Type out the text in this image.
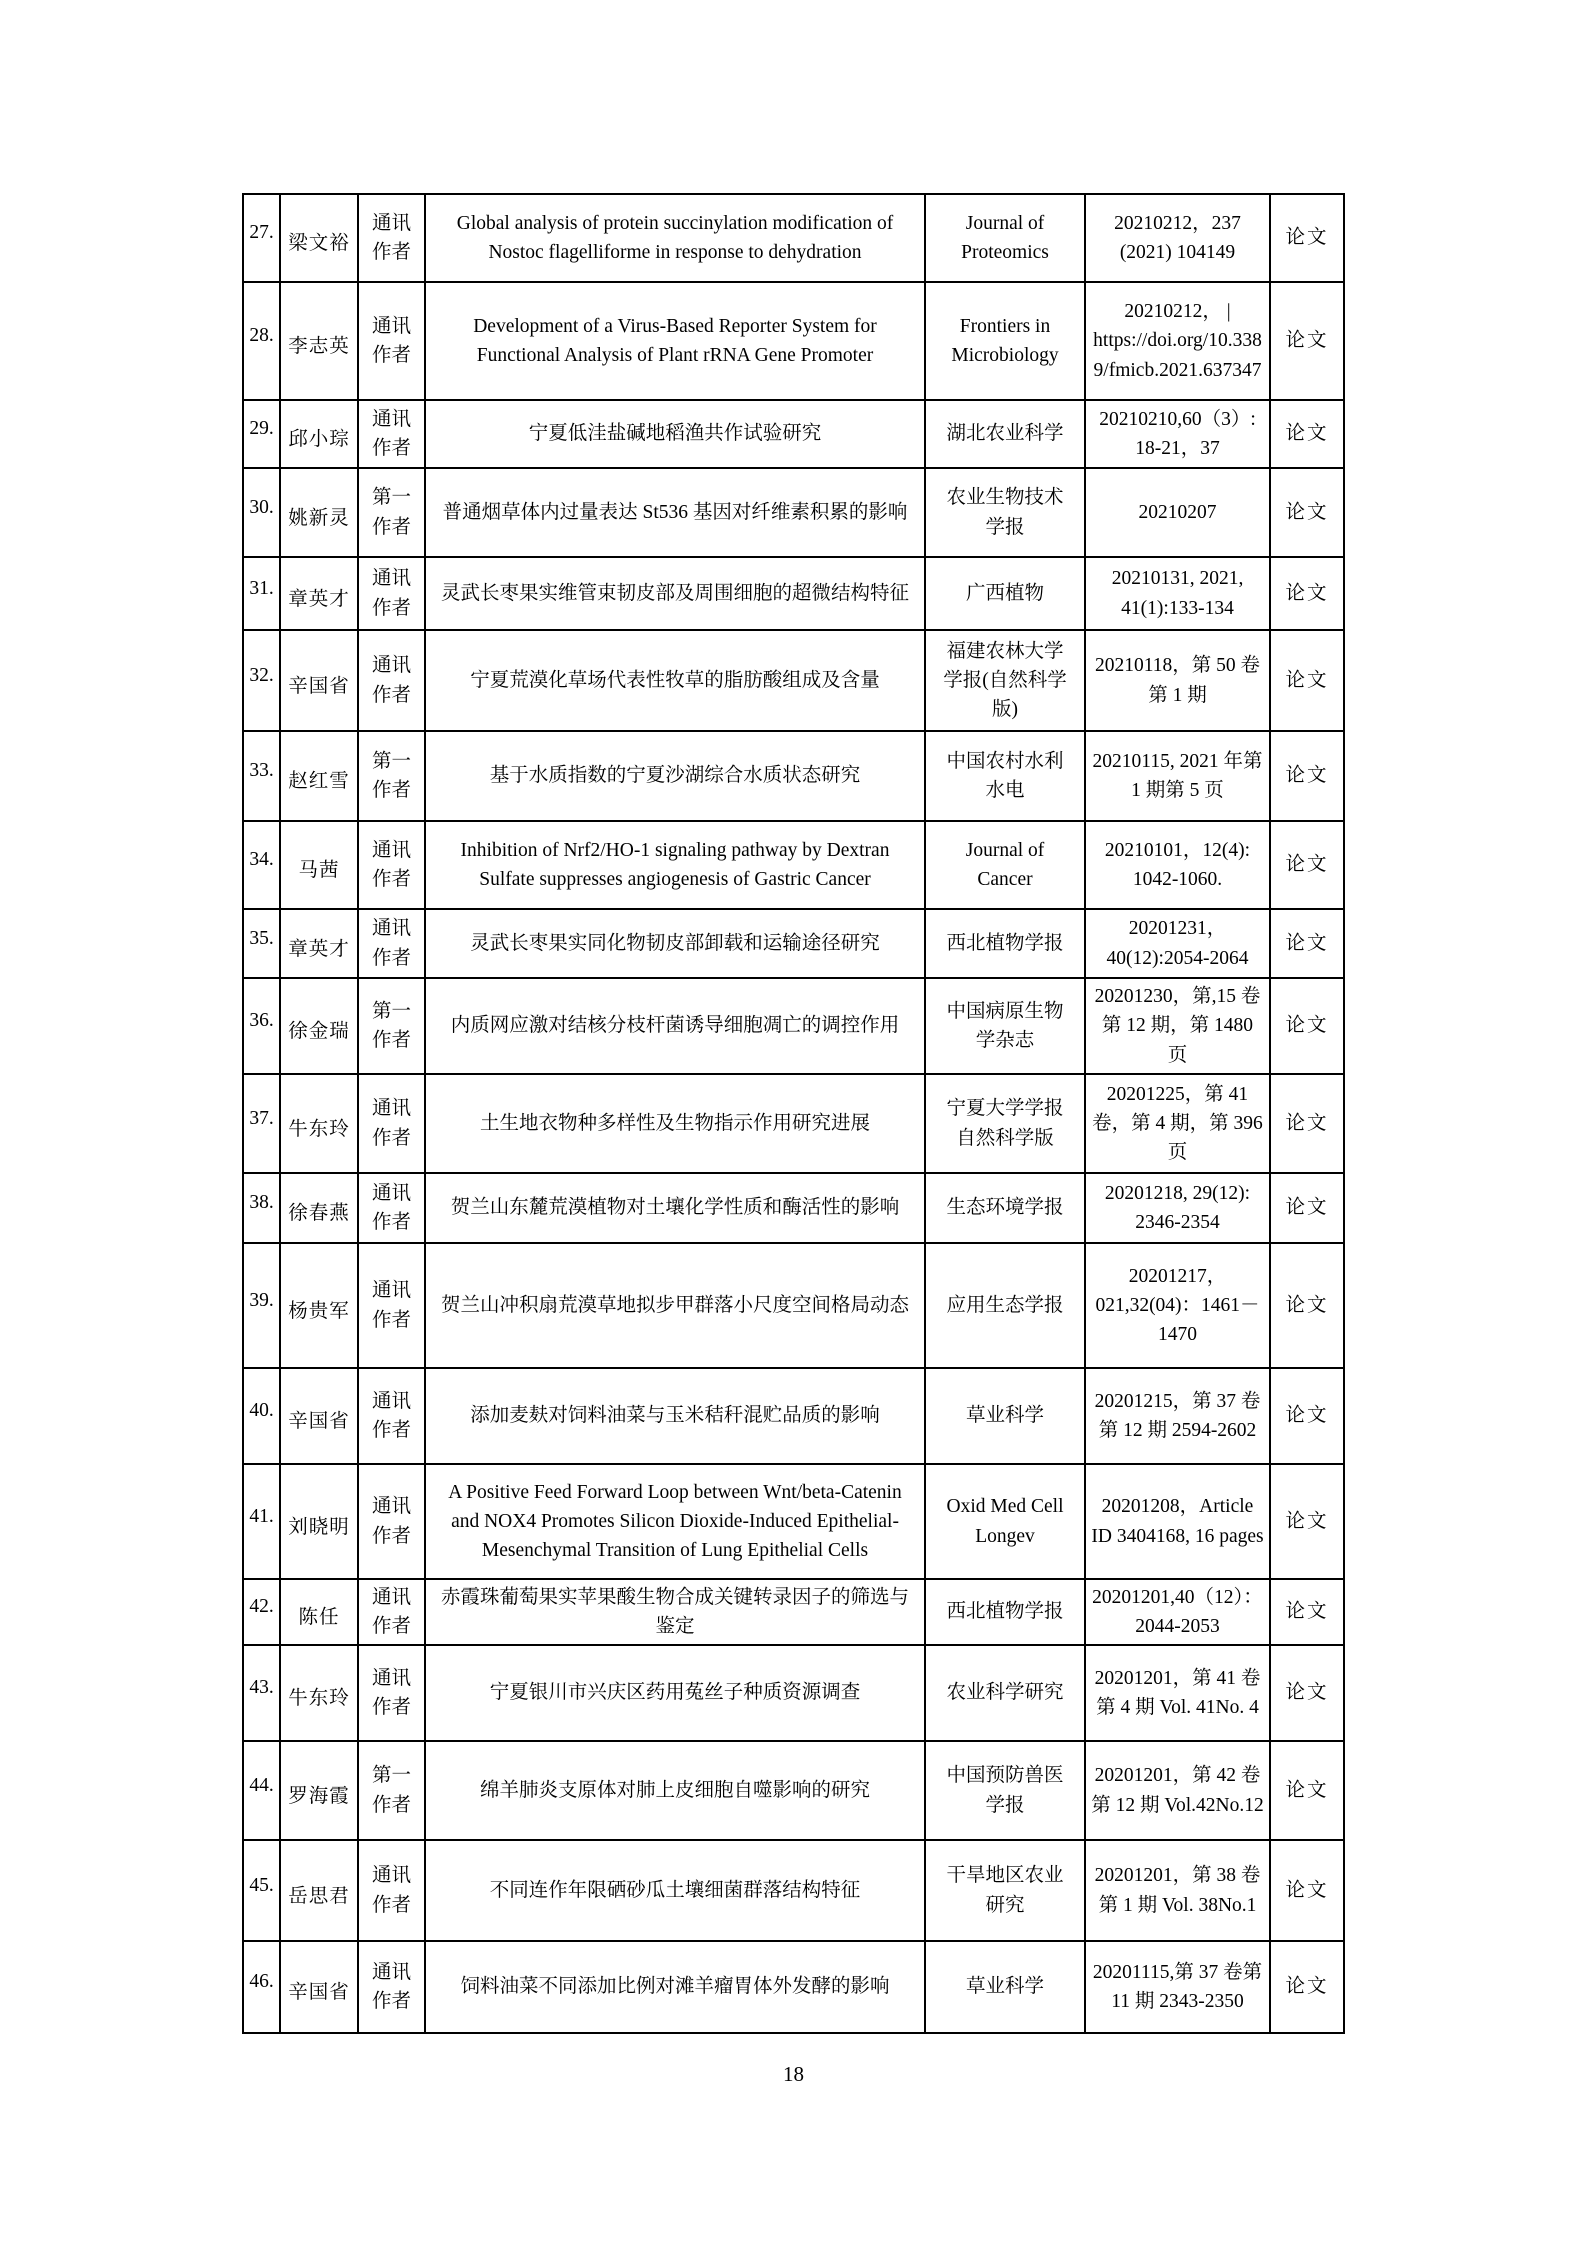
27.	梁文裕	通讯作者	Global analysis of protein succinylation modification of Nostoc flagelliforme in response to dehydration	Journal of Proteomics	20210212，237 (2021) 104149	论文
28.	李志英	通讯作者	Development of a Virus-Based Reporter System for Functional Analysis of Plant rRNA Gene Promoter	Frontiers in Microbiology	20210212， | https://doi.org/10.3389/fmicb.2021.637347	论文
29.	邱小琮	通讯作者	宁夏低洼盐碱地稻渔共作试验研究	湖北农业科学	20210210,60（3）: 18-21，37	论文
30.	姚新灵	第一作者	普通烟草体内过量表达 St536 基因对纤维素积累的影响	农业生物技术学报	20210207	论文
31.	章英才	通讯作者	灵武长枣果实维管束韧皮部及周围细胞的超微结构特征	广西植物	20210131, 2021, 41(1):133-134	论文
32.	辛国省	通讯作者	宁夏荒漠化草场代表性牧草的脂肪酸组成及含量	福建农林大学学报(自然科学版)	20210118，第 50 卷 第 1 期	论文
33.	赵红雪	第一作者	基于水质指数的宁夏沙湖综合水质状态研究	中国农村水利水电	20210115, 2021 年第 1 期第 5 页	论文
34.	马茜	通讯作者	Inhibition of Nrf2/HO-1 signaling pathway by Dextran Sulfate suppresses angiogenesis of Gastric Cancer	Journal of Cancer	20210101，12(4): 1042-1060.	论文
35.	章英才	通讯作者	灵武长枣果实同化物韧皮部卸载和运输途径研究	西北植物学报	20201231，40(12):2054-2064	论文
36.	徐金瑞	第一作者	内质网应激对结核分枝杆菌诱导细胞凋亡的调控作用	中国病原生物学杂志	20201230，第,15 卷 第 12 期，第 1480 页	论文
37.	牛东玲	通讯作者	土生地衣物种多样性及生物指示作用研究进展	宁夏大学学报自然科学版	20201225，第 41 卷，第 4 期，第 396 页	论文
38.	徐春燕	通讯作者	贺兰山东麓荒漠植物对土壤化学性质和酶活性的影响	生态环境学报	20201218, 29(12): 2346-2354	论文
39.	杨贵军	通讯作者	贺兰山冲积扇荒漠草地拟步甲群落小尺度空间格局动态	应用生态学报	20201217，021,32(04)：1461－1470	论文
40.	辛国省	通讯作者	添加麦麸对饲料油菜与玉米秸秆混贮品质的影响	草业科学	20201215，第 37 卷第 12 期 2594-2602	论文
41.	刘晓明	通讯作者	A Positive Feed Forward Loop between Wnt/beta-Catenin and NOX4 Promotes Silicon Dioxide-Induced Epithelial-Mesenchymal Transition of Lung Epithelial Cells	Oxid Med Cell Longev	20201208，Article ID 3404168, 16 pages	论文
42.	陈任	通讯作者	赤霞珠葡萄果实苹果酸生物合成关键转录因子的筛选与鉴定	西北植物学报	20201201,40（12）：2044-2053	论文
43.	牛东玲	通讯作者	宁夏银川市兴庆区药用菟丝子种质资源调查	农业科学研究	20201201，第 41 卷 第 4 期 Vol. 41No. 4	论文
44.	罗海霞	第一作者	绵羊肺炎支原体对肺上皮细胞自噬影响的研究	中国预防兽医学报	20201201，第 42 卷第 12 期 Vol.42No.12	论文
45.	岳思君	通讯作者	不同连作年限硒砂瓜土壤细菌群落结构特征	干旱地区农业研究	20201201，第 38 卷第 1 期 Vol. 38No.1	论文
46.	辛国省	通讯作者	饲料油菜不同添加比例对滩羊瘤胃体外发酵的影响	草业科学	20201115,第 37 卷第 11 期 2343-2350	论文
18
